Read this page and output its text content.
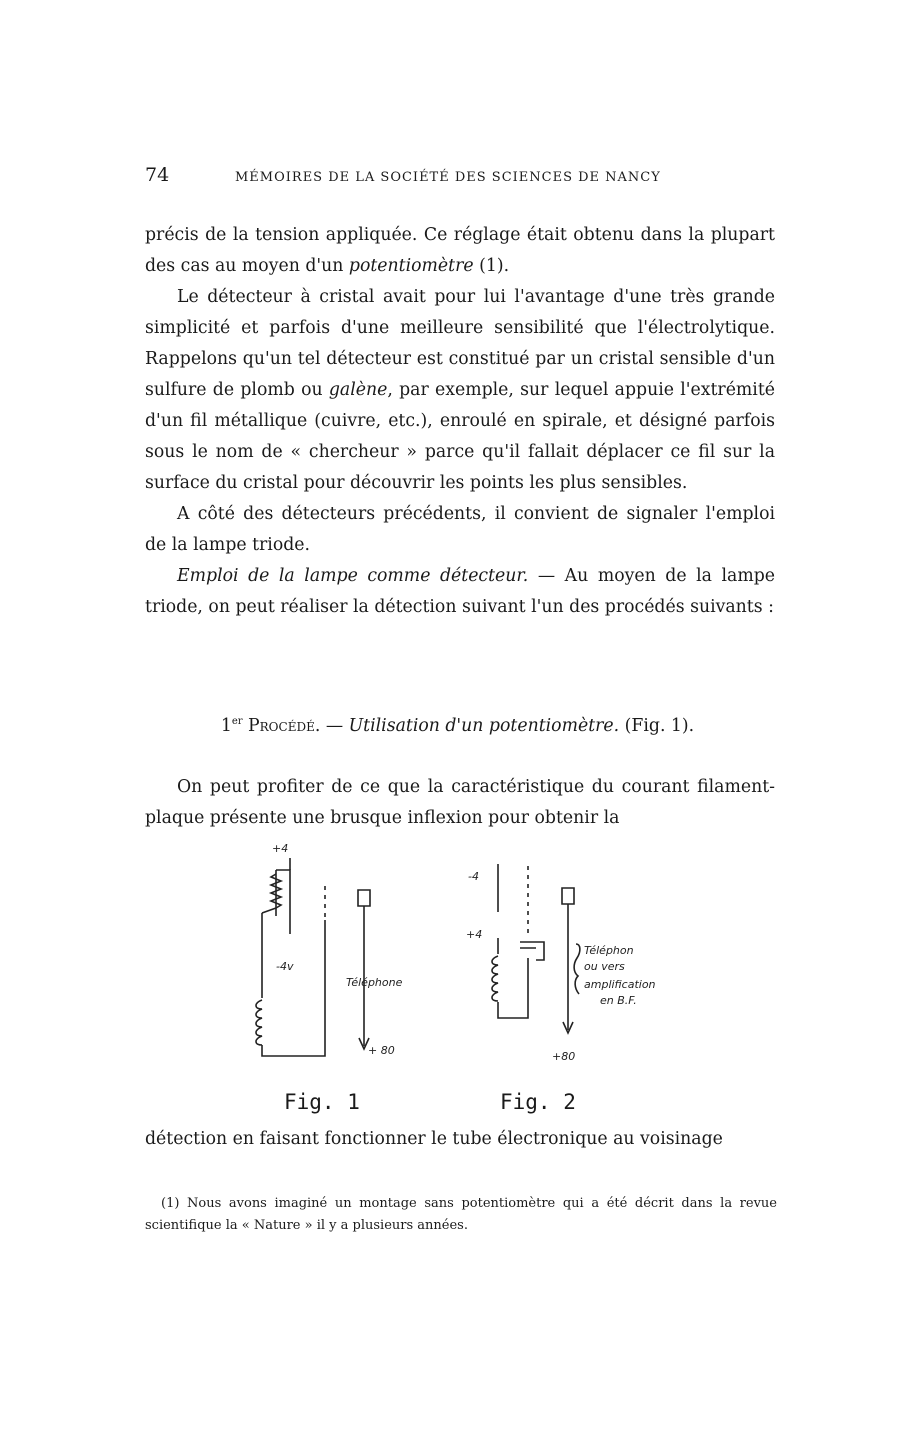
74	MÉMOIRES DE LA SOCIÉTÉ DES SCIENCES DE NANCY

précis de la tension appliquée. Ce réglage était obtenu dans la plupart des cas au moyen d'un potentiomètre (1).

Le détecteur à cristal avait pour lui l'avantage d'une très grande simplicité et parfois d'une meilleure sensibilité que l'électrolytique. Rappelons qu'un tel détecteur est constitué par un cristal sensible d'un sulfure de plomb ou galène, par exemple, sur lequel appuie l'extrémité d'un fil métallique (cuivre, etc.), enroulé en spirale, et désigné parfois sous le nom de « chercheur » parce qu'il fallait déplacer ce fil sur la surface du cristal pour découvrir les points les plus sensibles.

A côté des détecteurs précédents, il convient de signaler l'emploi de la lampe triode.

Emploi de la lampe comme détecteur. — Au moyen de la lampe triode, on peut réaliser la détection suivant l'un des procédés suivants :

1er Procédé. — Utilisation d'un potentiomètre. (Fig. 1).

On peut profiter de ce que la caractéristique du courant filament-plaque présente une brusque inflexion pour obtenir la

+4
-4v
Téléphone
+ 80
-4
+4
Téléphon
ou vers
amplification
en B.F.
+80
Fig. 1	Fig. 2

détection en faisant fonctionner le tube électronique au voisinage

(1) Nous avons imaginé un montage sans potentiomètre qui a été décrit dans la revue scientifique la « Nature » il y a plusieurs années.
